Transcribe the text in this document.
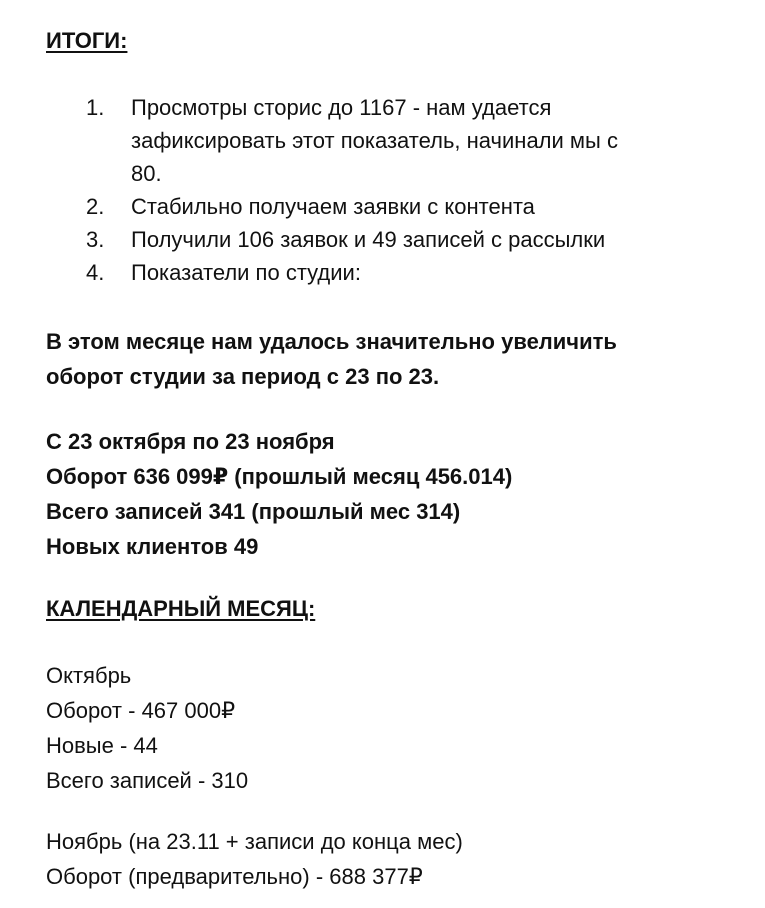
ИТОГИ:
1.	Просмотры сторис до 1167 - нам удается
зафиксировать этот показатель, начинали мы с
80.
2.	Стабильно получаем заявки с контента
3.	Получили 106 заявок и 49 записей с рассылки
4.	Показатели по студии:
В этом месяце нам удалось значительно увеличить
оборот студии за период с 23 по 23.
С 23 октября по 23 ноября
Оборот 636 099₽ (прошлый месяц 456.014)
Всего записей 341 (прошлый мес 314)
Новых клиентов 49
КАЛЕНДАРНЫЙ МЕСЯЦ:
Октябрь
Оборот - 467 000₽
Новые - 44
Всего записей - 310
Ноябрь (на 23.11 + записи до конца мес)
Оборот (предварительно) - 688 377₽
